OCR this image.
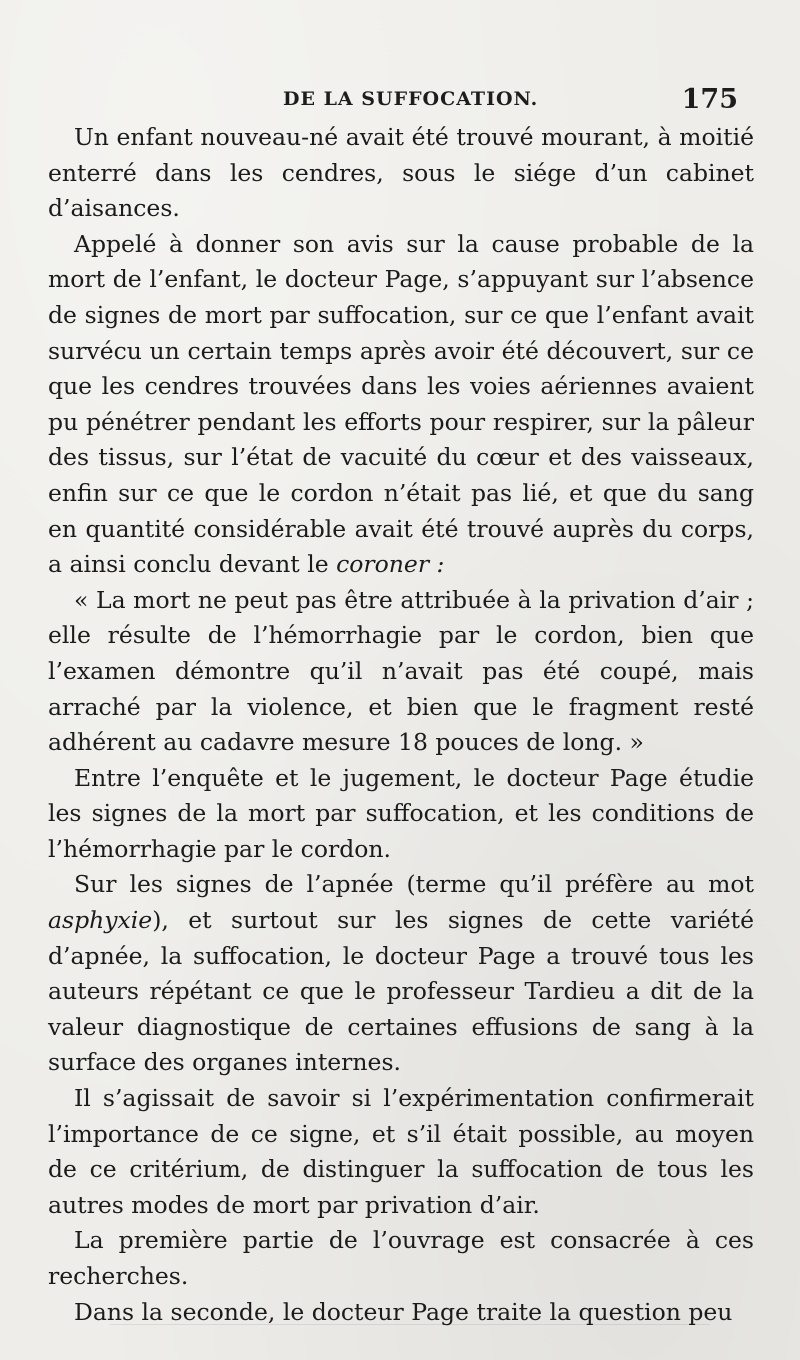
DE LA SUFFOCATION.	175

Un enfant nouveau-né avait été trouvé mourant, à moitié enterré dans les cendres, sous le siége d’un cabinet d’aisances.

Appelé à donner son avis sur la cause probable de la mort de l’enfant, le docteur Page, s’appuyant sur l’absence de signes de mort par suffocation, sur ce que l’enfant avait survécu un certain temps après avoir été découvert, sur ce que les cendres trouvées dans les voies aériennes avaient pu pénétrer pendant les efforts pour respirer, sur la pâleur des tissus, sur l’état de vacuité du cœur et des vaisseaux, enfin sur ce que le cordon n’était pas lié, et que du sang en quantité considérable avait été trouvé auprès du corps, a ainsi conclu devant le coroner :

« La mort ne peut pas être attribuée à la privation d’air ; elle résulte de l’hémorrhagie par le cordon, bien que l’examen démontre qu’il n’avait pas été coupé, mais arraché par la violence, et bien que le fragment resté adhérent au cadavre mesure 18 pouces de long. »

Entre l’enquête et le jugement, le docteur Page étudie les signes de la mort par suffocation, et les conditions de l’hémorrhagie par le cordon.

Sur les signes de l’apnée (terme qu’il préfère au mot asphyxie), et surtout sur les signes de cette variété d’apnée, la suffocation, le docteur Page a trouvé tous les auteurs répétant ce que le professeur Tardieu a dit de la valeur diagnostique de certaines effusions de sang à la surface des organes internes.

Il s’agissait de savoir si l’expérimentation confirmerait l’importance de ce signe, et s’il était possible, au moyen de ce critérium, de distinguer la suffocation de tous les autres modes de mort par privation d’air.

La première partie de l’ouvrage est consacrée à ces recherches.

Dans la seconde, le docteur Page traite la question peu
